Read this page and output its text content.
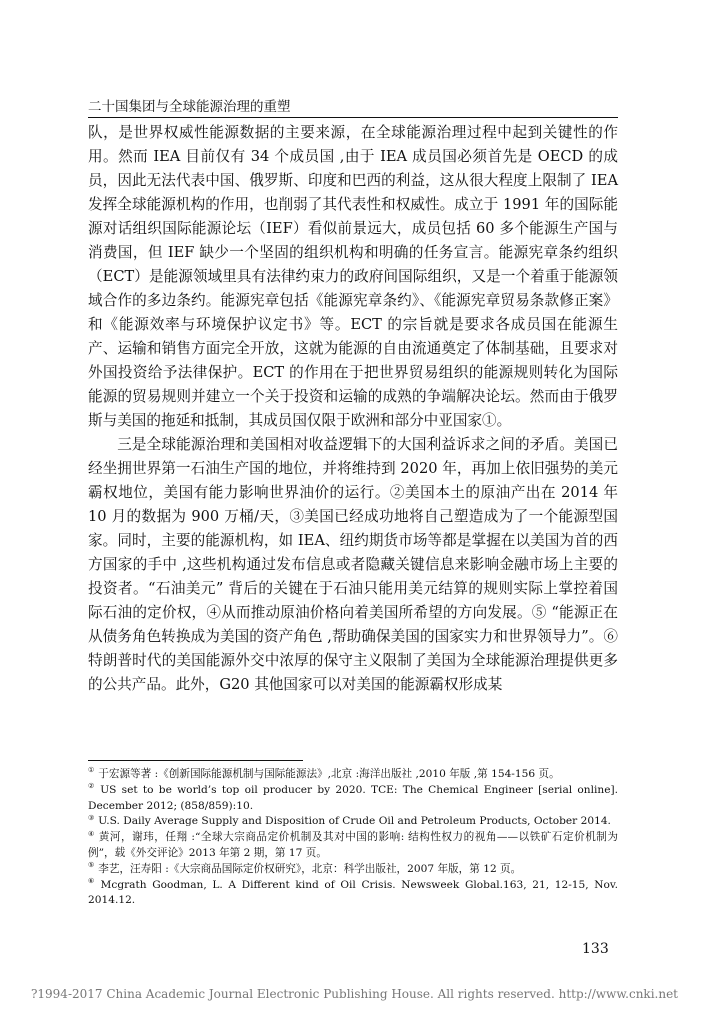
二十国集团与全球能源治理的重塑

队，是世界权威性能源数据的主要来源，在全球能源治理过程中起到关键性的作用。然而 IEA 目前仅有 34 个成员国 ,由于 IEA 成员国必须首先是 OECD 的成员，因此无法代表中国、俄罗斯、印度和巴西的利益，这从很大程度上限制了 IEA 发挥全球能源机构的作用，也削弱了其代表性和权威性。成立于 1991 年的国际能源对话组织国际能源论坛（IEF）看似前景远大，成员包括 60 多个能源生产国与消费国，但 IEF 缺少一个坚固的组织机构和明确的任务宣言。能源宪章条约组织（ECT）是能源领域里具有法律约束力的政府间国际组织，又是一个着重于能源领域合作的多边条约。能源宪章包括《能源宪章条约》、《能源宪章贸易条款修正案》 和《能源效率与环境保护议定书》等。ECT 的宗旨就是要求各成员国在能源生产、运输和销售方面完全开放，这就为能源的自由流通奠定了体制基础，且要求对外国投资给予法律保护。ECT 的作用在于把世界贸易组织的能源规则转化为国际能源的贸易规则并建立一个关于投资和运输的成熟的争端解决论坛。然而由于俄罗斯与美国的拖延和抵制，其成员国仅限于欧洲和部分中亚国家①。

三是全球能源治理和美国相对收益逻辑下的大国利益诉求之间的矛盾。美国已经坐拥世界第一石油生产国的地位，并将维持到 2020 年，再加上依旧强势的美元霸权地位，美国有能力影响世界油价的运行。②美国本土的原油产出在 2014 年 10 月的数据为 900 万桶/天，③美国已经成功地将自己塑造成为了一个能源型国家。同时，主要的能源机构，如 IEA、纽约期货市场等都是掌握在以美国为首的西方国家的手中 ,这些机构通过发布信息或者隐藏关键信息来影响金融市场上主要的投资者。“石油美元” 背后的关键在于石油只能用美元结算的规则实际上掌控着国际石油的定价权，④从而推动原油价格向着美国所希望的方向发展。⑤ “能源正在从债务角色转换成为美国的资产角色 ,帮助确保美国的国家实力和世界领导力”。⑥特朗普时代的美国能源外交中浓厚的保守主义限制了美国为全球能源治理提供更多的公共产品。此外，G20 其他国家可以对美国的能源霸权形成某

① 于宏源等著 :《创新国际能源机制与国际能源法》,北京 :海洋出版社 ,2010 年版 ,第 154-156 页。

② US set to be world’s top oil producer by 2020. TCE: The Chemical Engineer [serial online]. December 2012; (858/859):10.

③ U.S. Daily Average Supply and Disposition of Crude Oil and Petroleum Products, October 2014.

④ 黄河，谢玮，任翔 :“全球大宗商品定价机制及其对中国的影响: 结构性权力的视角——以铁矿石定价机制为例”，载《外交评论》2013 年第 2 期，第 17 页。

⑤ 李艺，汪寿阳 :《大宗商品国际定价权研究》，北京：科学出版社，2007 年版，第 12 页。

⑥ Mcgrath Goodman, L. A Different kind of Oil Crisis. Newsweek Global.163, 21, 12-15, Nov. 2014.12.

133
?1994-2017 China Academic Journal Electronic Publishing House. All rights reserved. http://www.cnki.net
